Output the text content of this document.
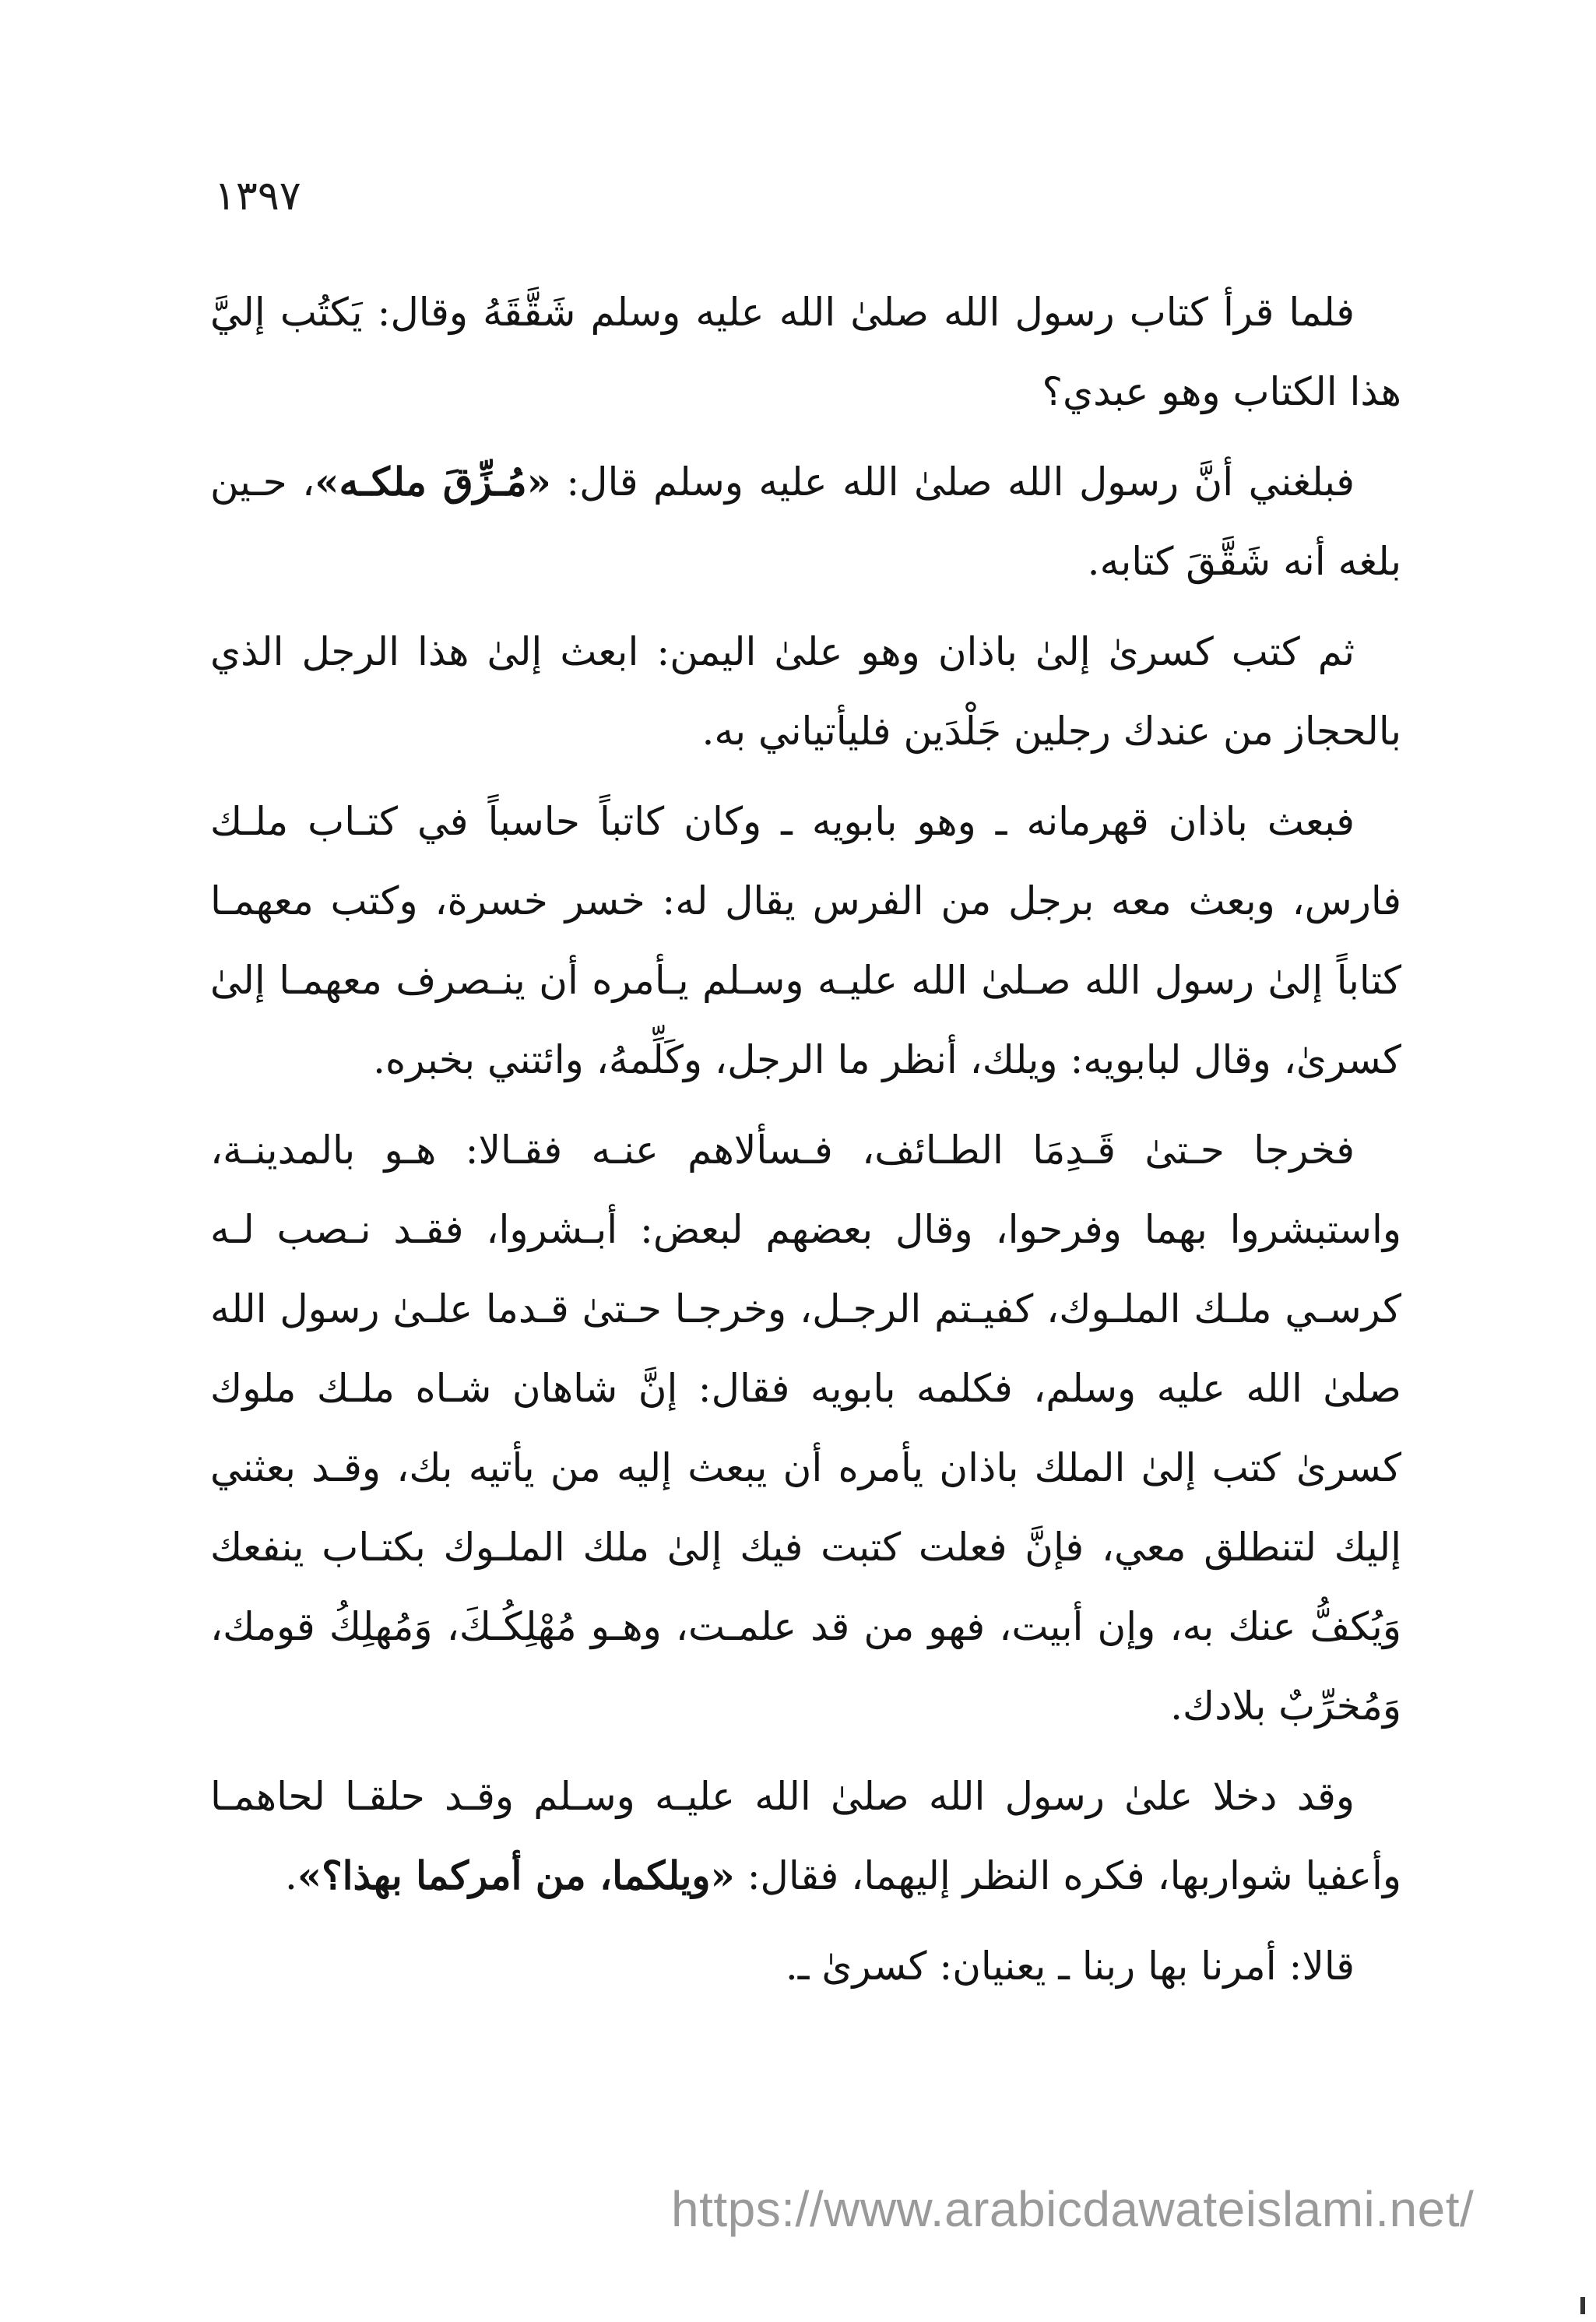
١٣٩٧

فلما قرأ كتاب رسول الله صلىٰ الله عليه وسلم شَقَّقَهُ وقال: يَكتُب إليَّ هذا الكتاب وهو عبدي؟

فبلغني أنَّ رسول الله صلىٰ الله عليه وسلم قال: «مُـزِّقَ ملكـه»، حـين بلغه أنه شَقَّقَ كتابه.

ثم كتب كسرىٰ إلىٰ باذان وهو علىٰ اليمن: ابعث إلىٰ هذا الرجل الذي بالحجاز من عندك رجلين جَلْدَين فليأتياني به.

فبعث باذان قهرمانه ـ وهو بابويه ـ وكان كاتباً حاسباً في كتـاب ملـك فارس، وبعث معه برجل من الفرس يقال له: خسر خسرة، وكتب معهمـا كتاباً إلىٰ رسول الله صـلىٰ الله عليـه وسـلم يـأمره أن ينـصرف معهمـا إلىٰ كسرىٰ، وقال لبابويه: ويلك، أنظر ما الرجل، وكَلِّمهُ، وائتني بخبره.

فخرجا حـتىٰ قَـدِمَا الطـائف، فـسألاهم عنـه فقـالا: هـو بالمدينـة، واستبشروا بهما وفرحوا، وقال بعضهم لبعض: أبـشروا، فقـد نـصب لـه كرسـي ملـك الملـوك، كفيـتم الرجـل، وخرجـا حـتىٰ قـدما علـىٰ رسول الله صلىٰ الله عليه وسلم، فكلمه بابويه فقال: إنَّ شاهان شـاه ملـك ملوك كسرىٰ كتب إلىٰ الملك باذان يأمره أن يبعث إليه من يأتيه بك، وقـد بعثني إليك لتنطلق معي، فإنَّ فعلت كتبت فيك إلىٰ ملك الملـوك بكتـاب ينفعك وَيُكفُّ عنك به، وإن أبيت، فهو من قد علمـت، وهـو مُهْلِكُـكَ، وَمُهلِكُ قومك، وَمُخرِّبٌ بلادك.

وقد دخلا علىٰ رسول الله صلىٰ الله عليـه وسـلم وقـد حلقـا لحاهمـا وأعفيا شواربها، فكره النظر إليهما، فقال: «ويلكما، من أمركما بهذا؟».

قالا: أمرنا بها ربنا ـ يعنيان: كسرىٰ ـ.

https://www.arabicdawateislami.net/
